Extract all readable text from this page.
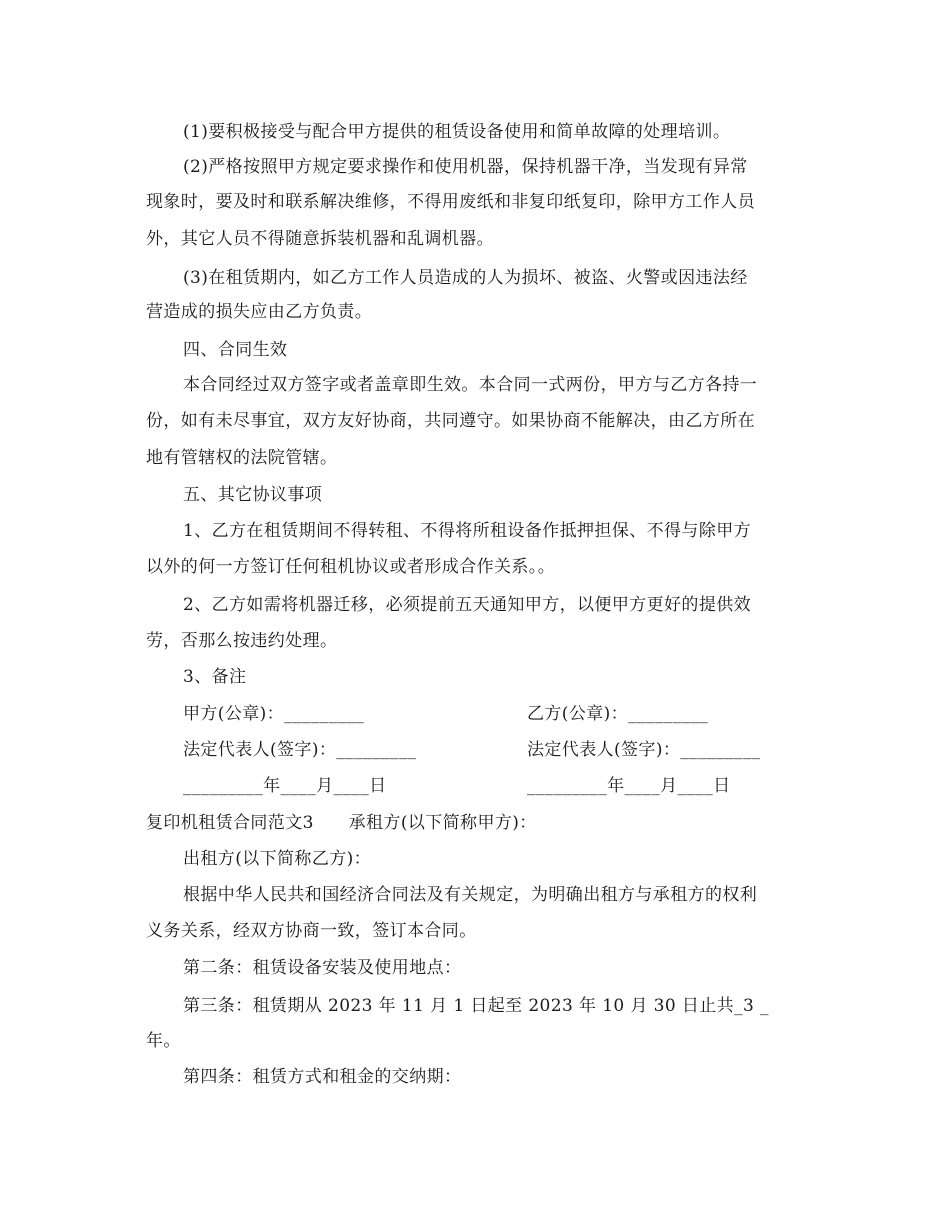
(1)要积极接受与配合甲方提供的租赁设备使用和简单故障的处理培训。
(2)严格按照甲方规定要求操作和使用机器，保持机器干净，当发现有异常
现象时，要及时和联系解决维修，不得用废纸和非复印纸复印，除甲方工作人员
外，其它人员不得随意拆装机器和乱调机器。
(3)在租赁期内，如乙方工作人员造成的人为损坏、被盗、火警或因违法经
营造成的损失应由乙方负责。
四、合同生效
本合同经过双方签字或者盖章即生效。本合同一式两份，甲方与乙方各持一
份，如有未尽事宜，双方友好协商，共同遵守。如果协商不能解决，由乙方所在
地有管辖权的法院管辖。
五、其它协议事项
1、乙方在租赁期间不得转租、不得将所租设备作抵押担保、不得与除甲方
以外的何一方签订任何租机协议或者形成合作关系。。
2、乙方如需将机器迁移，必须提前五天通知甲方，以便甲方更好的提供效
劳，否那么按违约处理。
3、备注
甲方(公章)：_________	乙方(公章)：_________
法定代表人(签字)：_________	法定代表人(签字)：_________
_________年____月____日	_________年____月____日
复印机租赁合同范文3　　承租方(以下简称甲方)：
出租方(以下简称乙方)：
根据中华人民共和国经济合同法及有关规定，为明确出租方与承租方的权利
义务关系，经双方协商一致，签订本合同。
第二条：租赁设备安装及使用地点：
第三条：租赁期从 2023 年 11 月 1 日起至 2023 年 10 月 30 日止共_3 _
年。
第四条：租赁方式和租金的交纳期：
